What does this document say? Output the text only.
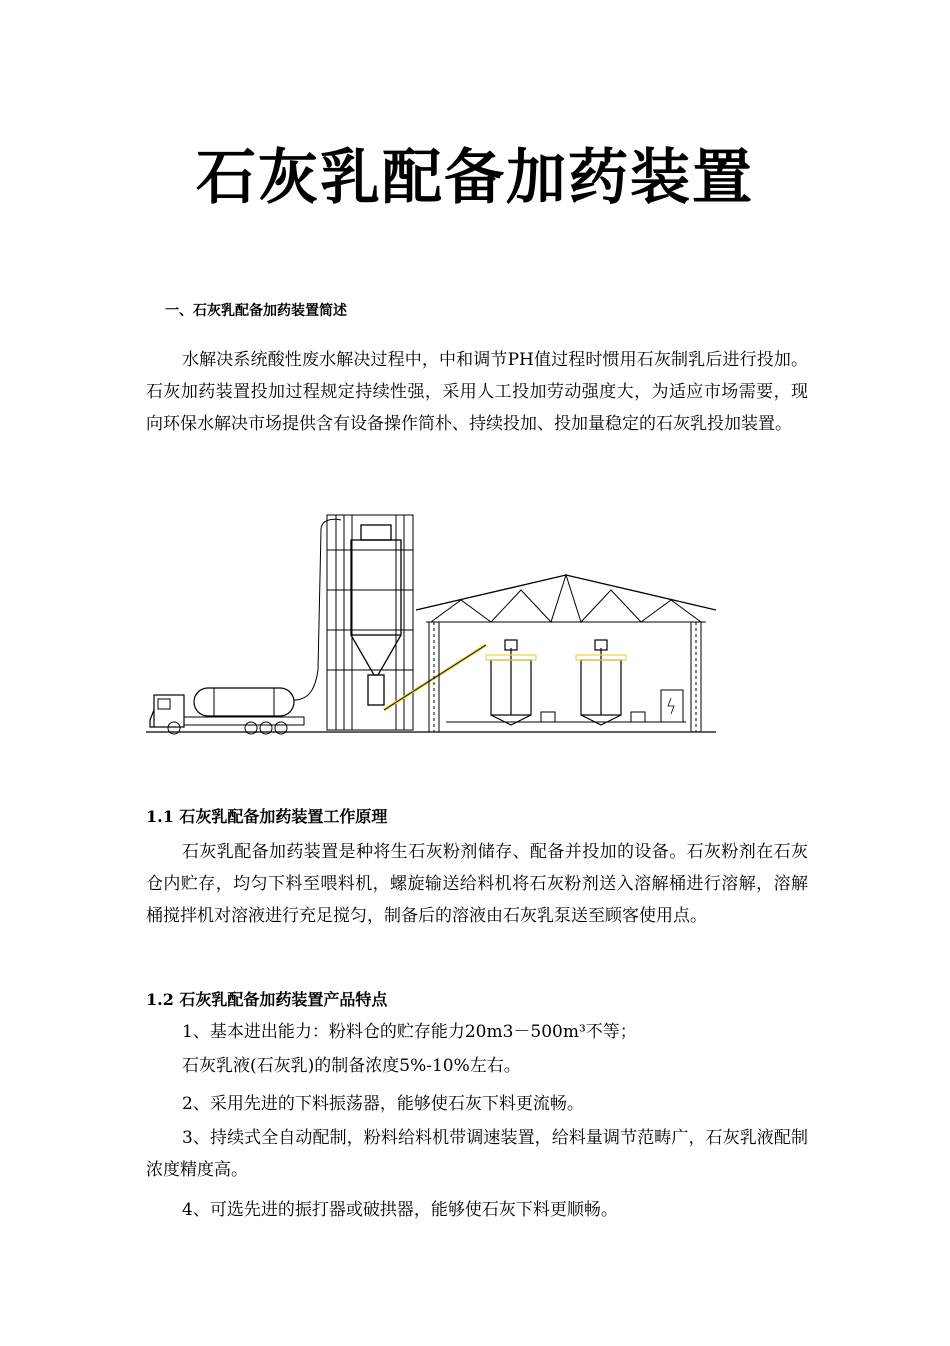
石灰乳配备加药装置
一、石灰乳配备加药装置简述
水解决系统酸性废水解决过程中，中和调节PH值过程时惯用石灰制乳后进行投加。石灰加药装置投加过程规定持续性强，采用人工投加劳动强度大，为适应市场需要，现向环保水解决市场提供含有设备操作简朴、持续投加、投加量稳定的石灰乳投加装置。
1.1 石灰乳配备加药装置工作原理
石灰乳配备加药装置是种将生石灰粉剂储存、配备并投加的设备。石灰粉剂在石灰仓内贮存，均匀下料至喂料机，螺旋输送给料机将石灰粉剂送入溶解桶进行溶解，溶解桶搅拌机对溶液进行充足搅匀，制备后的溶液由石灰乳泵送至顾客使用点。
1.2 石灰乳配备加药装置产品特点
1、基本进出能力：粉料仓的贮存能力20m3－500m³不等；
石灰乳液(石灰乳)的制备浓度5%-10%左右。
2、采用先进的下料振荡器，能够使石灰下料更流畅。
3、持续式全自动配制，粉料给料机带调速装置，给料量调节范畴广，石灰乳液配制浓度精度高。
4、可选先进的振打器或破拱器，能够使石灰下料更顺畅。
